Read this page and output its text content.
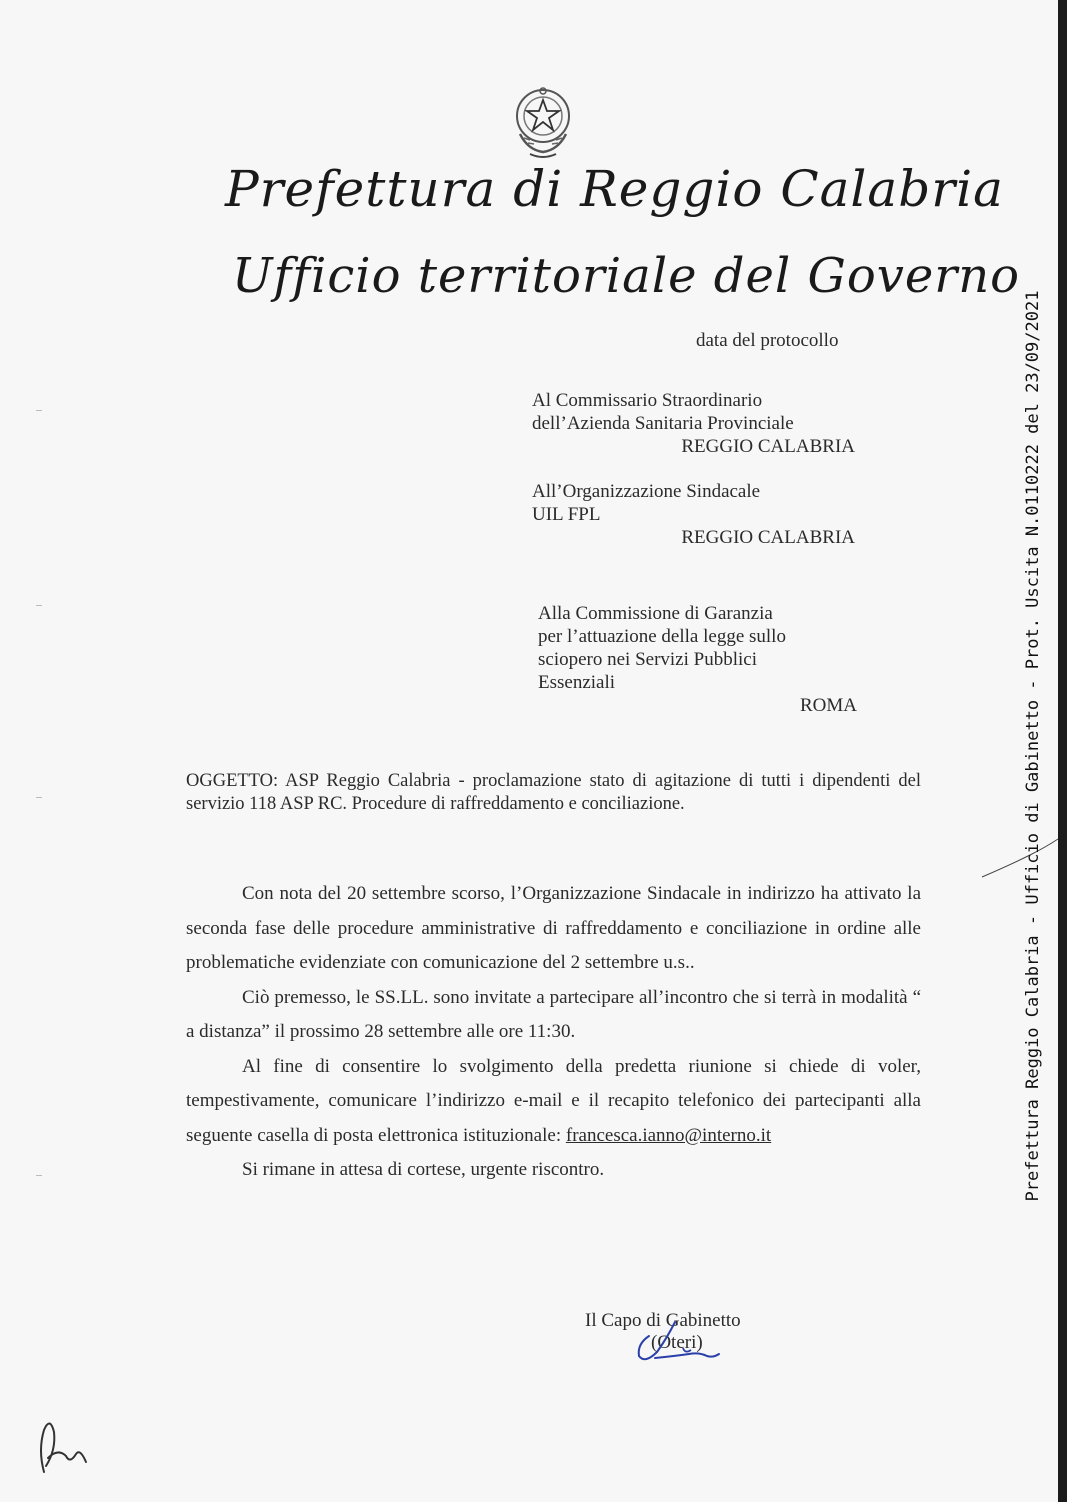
Prefettura di Reggio Calabria
Ufficio territoriale del Governo
data del protocollo
Al Commissario Straordinario
dell’Azienda Sanitaria Provinciale
REGGIO CALABRIA
All’Organizzazione Sindacale
UIL FPL
REGGIO CALABRIA
Alla Commissione di Garanzia
per l’attuazione della legge sullo
sciopero nei Servizi Pubblici
Essenziali
ROMA
OGGETTO: ASP Reggio Calabria - proclamazione stato di agitazione di tutti i dipendenti del servizio 118 ASP RC. Procedure di raffreddamento e conciliazione.

Con nota del 20 settembre scorso, l’Organizzazione Sindacale in indirizzo ha attivato la seconda fase delle procedure amministrative di raffreddamento e conciliazione in ordine alle problematiche evidenziate con comunicazione del 2 settembre u.s..

Ciò premesso, le SS.LL. sono invitate a partecipare all’incontro che si terrà in modalità “ a distanza” il prossimo 28 settembre alle ore 11:30.

Al fine di consentire lo svolgimento della predetta riunione si chiede di voler, tempestivamente, comunicare l’indirizzo e-mail e il recapito telefonico dei partecipanti alla seguente casella di posta elettronica istituzionale: francesca.ianno@interno.it

Si rimane in attesa di cortese, urgente riscontro.

Il Capo di Gabinetto
(Oteri)
Prefettura Reggio Calabria - Ufficio di Gabinetto - Prot. Uscita N.0110222 del 23/09/2021
